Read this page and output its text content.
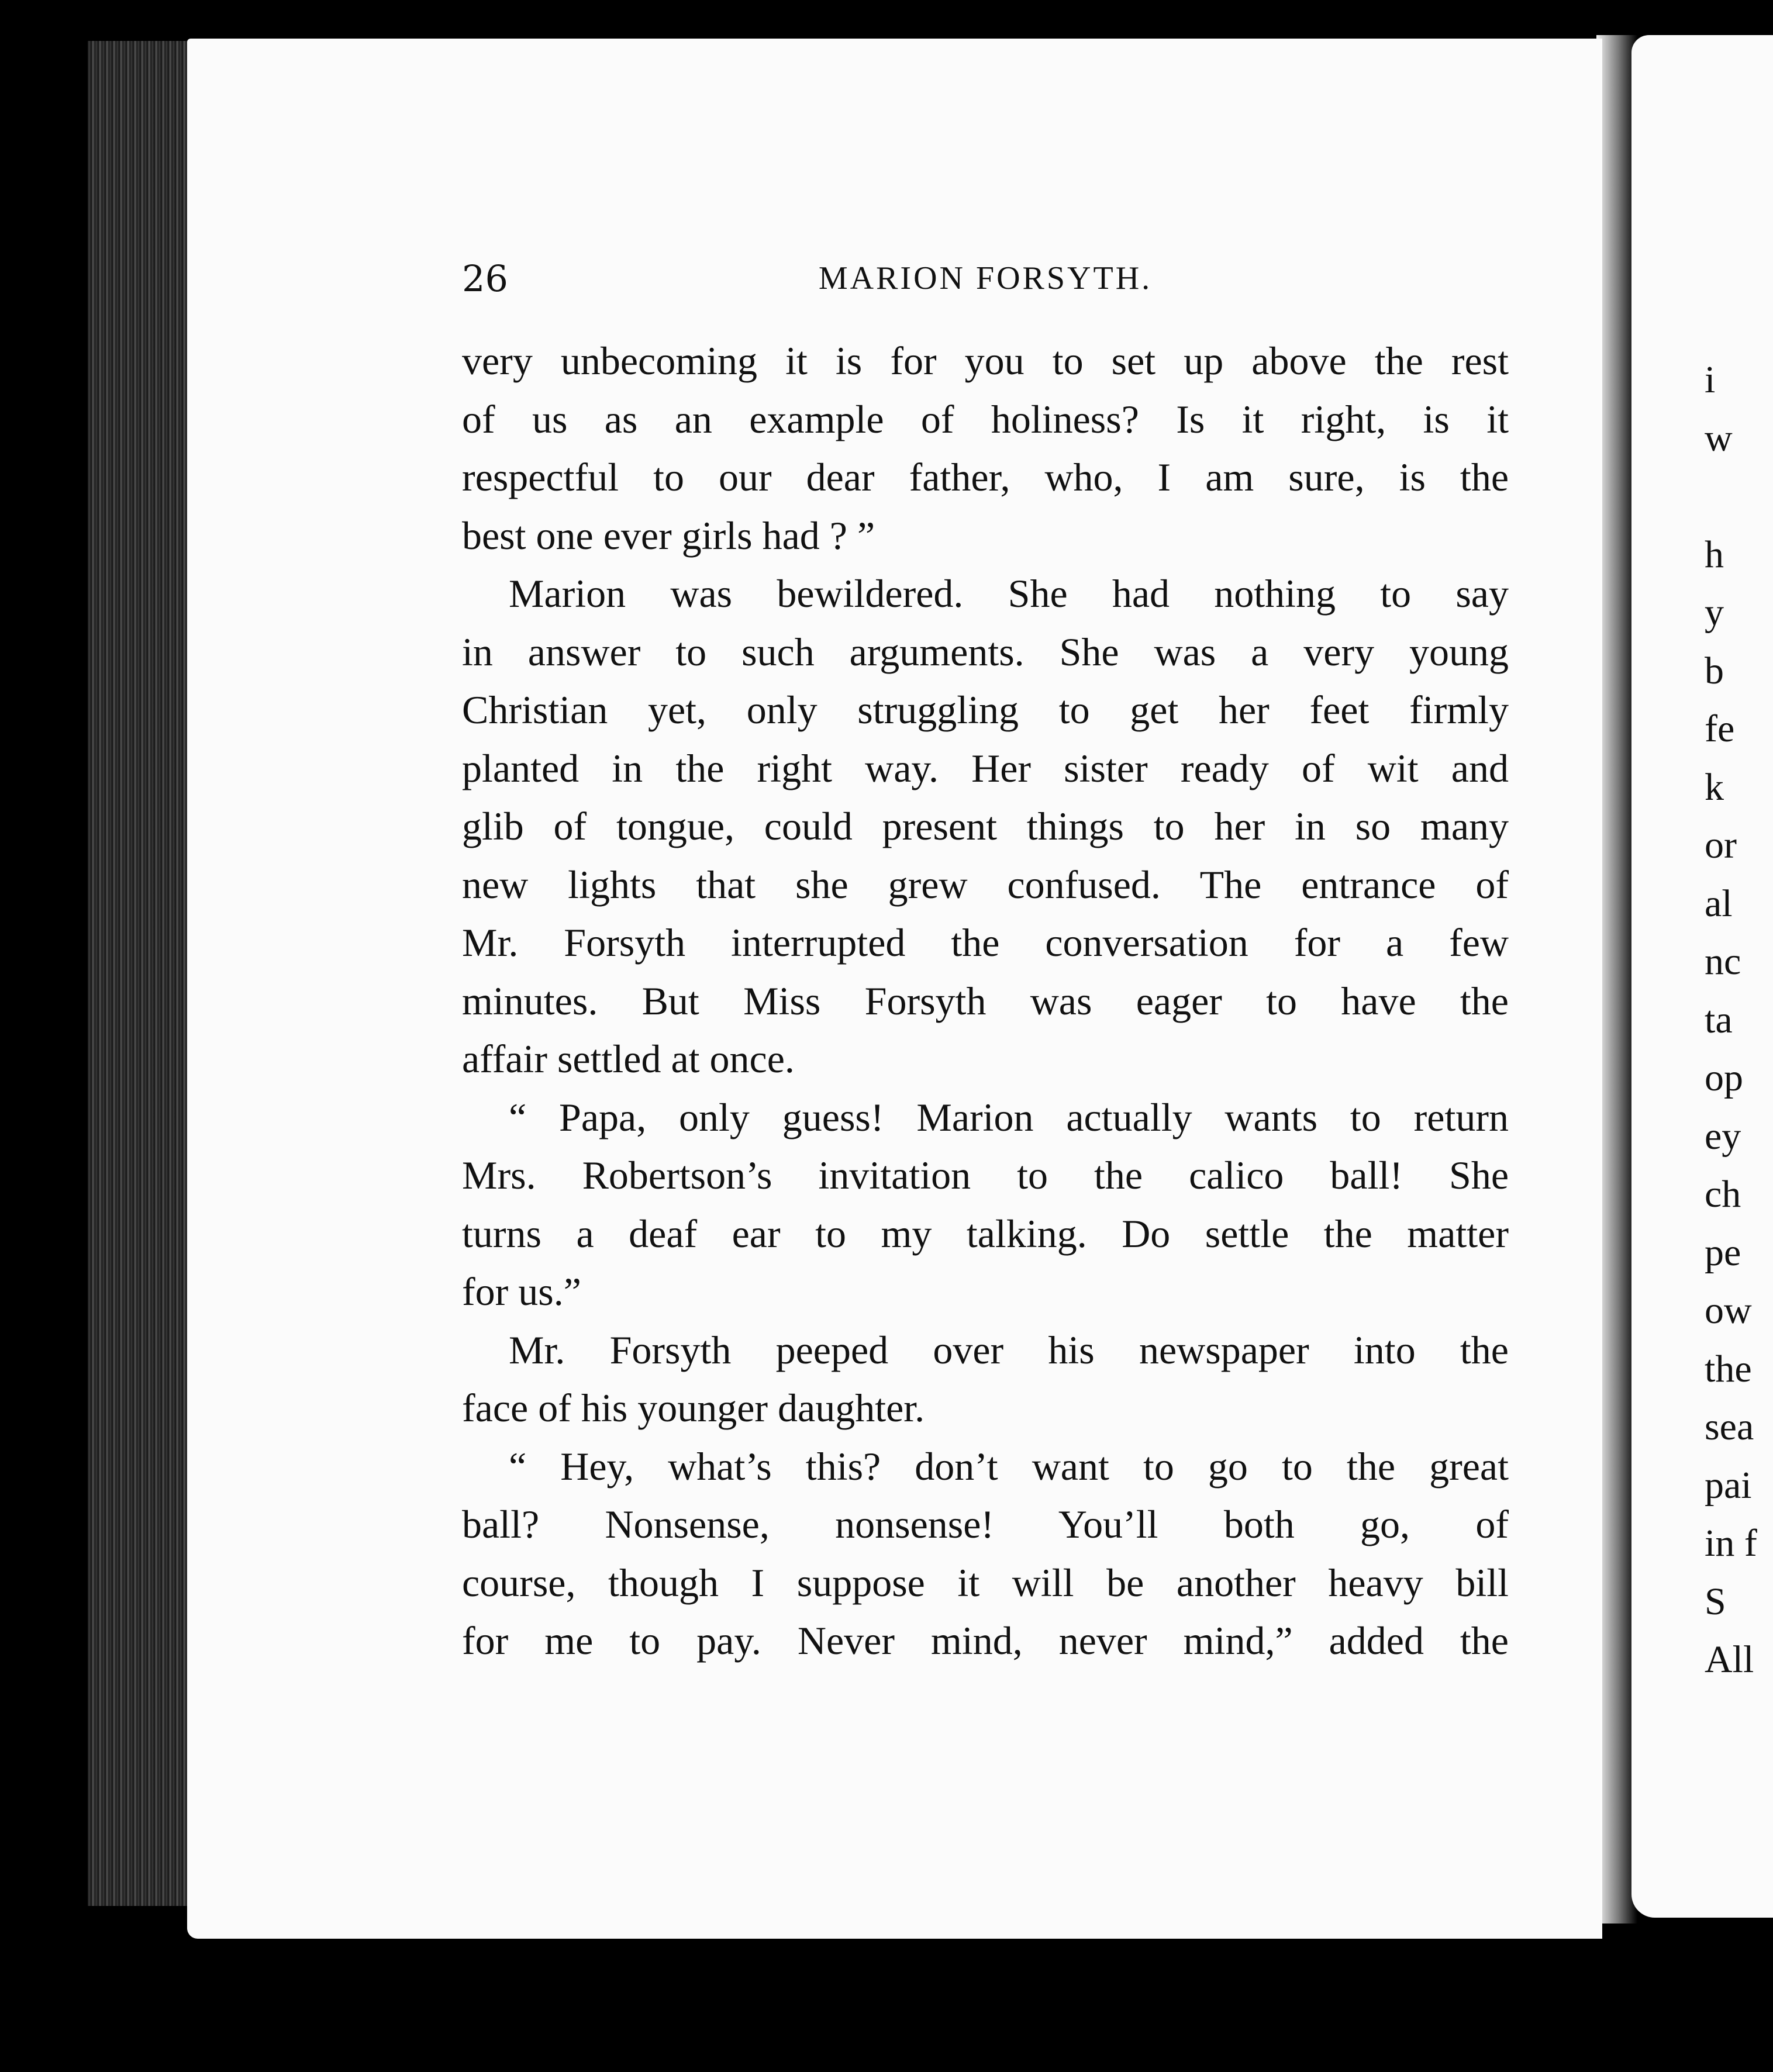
26	MARION FORSYTH.
very unbecoming it is for you to set up above the rest
of us as an example of holiness? Is it right, is it
respectful to our dear father, who, I am sure, is the
best one ever girls had ? ”
Marion was bewildered. She had nothing to say
in answer to such arguments. She was a very young
Christian yet, only struggling to get her feet firmly
planted in the right way. Her sister ready of wit and
glib of tongue, could present things to her in so many
new lights that she grew confused. The entrance of
Mr. Forsyth interrupted the conversation for a few
minutes. But Miss Forsyth was eager to have the
affair settled at once.
“ Papa, only guess! Marion actually wants to return
Mrs. Robertson’s invitation to the calico ball! She
turns a deaf ear to my talking. Do settle the matter
for us.”
Mr. Forsyth peeped over his newspaper into the
face of his younger daughter.
“ Hey, what’s this? don’t want to go to the great
ball? Nonsense, nonsense! You’ll both go, of
course, though I suppose it will be another heavy bill
for me to pay. Never mind, never mind,” added the
i
w
h
y
b
fe
k
or
al
nc
ta
op
ey
ch
pe
ow
the
sea
pai
in f
S
All
